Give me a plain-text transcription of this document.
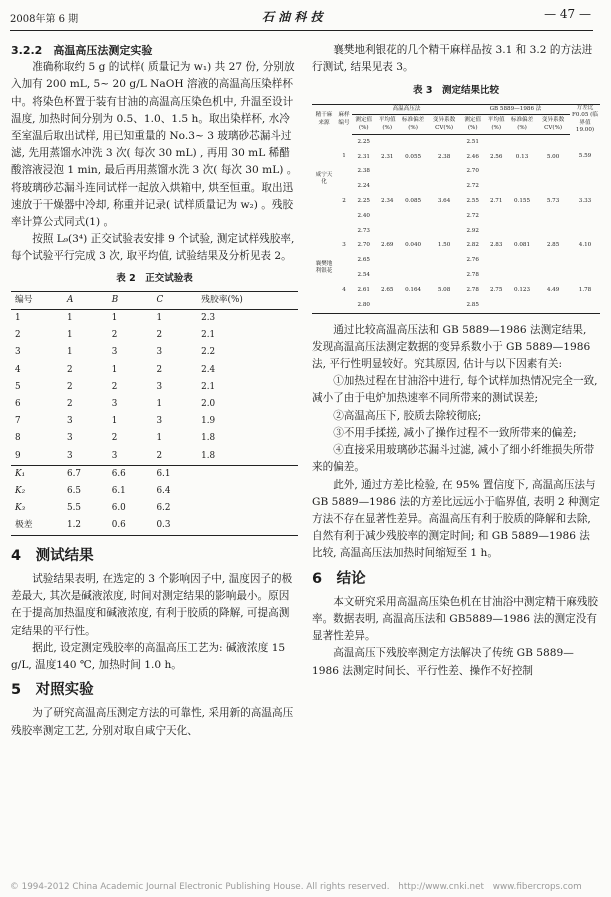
2008年第 6 期	石 油 科 技	— 47 —

3.2.2　高温高压法测定实验

准确称取约 5 g 的试样( 质量记为 w₁) 共 27 份, 分别放入加有 200 mL, 5~ 20 g/L NaOH 溶液的高温高压染样杯中。将染色杯置于装有甘油的高温高压染色机中, 升温至设计温度, 加热时间分别为 0.5、1.0、1.5 h。取出染样杯, 水冷至室温后取出试样, 用已知重量的 No.3~ 3 玻璃砂芯漏斗过滤, 先用蒸馏水冲洗 3 次( 每次 30 mL) , 再用 30 mL 稀醋酸溶液浸泡 1 min, 最后再用蒸馏水洗 3 次( 每次 30 mL) 。将玻璃砂芯漏斗连同试样一起放入烘箱中, 烘至恒重。取出迅速放于干燥器中冷却, 称重并记录( 试样质量记为 w₂) 。残胶率计算公式同式(1) 。

按照 L₉(3⁴) 正交试验表安排 9 个试验, 测定试样残胶率, 每个试验平行完成 3 次, 取平均值, 试验结果及分析见表 2。

表 2　正交试验表
编号	A	B	C	残胶率(%)
1	1	1	1	2.3
2	1	2	2	2.1
3	1	3	3	2.2
4	2	1	2	2.4
5	2	2	3	2.1
6	2	3	1	2.0
7	3	1	3	1.9
8	3	2	1	1.8
9	3	3	2	1.8
K₁	6.7	6.6	6.1	
K₂	6.5	6.1	6.4	
K₃	5.5	6.0	6.2	
极差	1.2	0.6	0.3	
4　测试结果

试验结果表明, 在选定的 3 个影响因子中, 温度因子的极差最大, 其次是碱液浓度, 时间对测定结果的影响最小。原因在于提高加热温度和碱液浓度, 有利于胶质的降解, 可提高测定结果的平行性。

据此, 设定测定残胶率的高温高压工艺为: 碱液浓度 15 g/L, 温度140 ℃, 加热时间 1.0 h。

5　对照实验

为了研究高温高压测定方法的可靠性, 采用新的高温高压残胶率测定工艺, 分别对取自咸宁天化、

襄樊地利银花的几个精干麻样品按 3.1 和 3.2 的方法进行测试, 结果见表 3。

表 3　测定结果比较
精干麻来源	麻样编号	高温高压法				GB 5889—1986 法				方差比 F0.05 (临界值 19.00)
		测定值 (%)	平均值 (%)	标准偏差 (%)	变异系数 CV(%)	测定值 (%)	平均值 (%)	标准偏差 (%)	变异系数 CV(%)	
咸宁天化	1	2.25	2.31	0.055	2.38	2.51	2.56	0.13	5.00	5.59
		2.31				2.46				
		2.38				2.70				
	2	2.24	2.34	0.085	3.64	2.72	2.71	0.155	5.73	3.33
		2.25				2.55				
		2.40				2.72				
襄樊地利银花	3	2.73	2.69	0.040	1.50	2.92	2.83	0.081	2.85	4.10
		2.70				2.82				
		2.65				2.76				
	4	2.54	2.65	0.164	5.08	2.78	2.75	0.123	4.49	1.78
		2.61				2.78				
		2.80				2.85				

通过比较高温高压法和 GB 5889—1986 法测定结果, 发现高温高压法测定数据的变异系数小于 GB 5889—1986法, 平行性明显较好。究其原因, 估计与以下因素有关:

①加热过程在甘油浴中进行, 每个试样加热情况完全一致, 减小了由于电炉加热速率不同所带来的测试误差;

②高温高压下, 胶质去除较彻底;

③不用手揉搓, 减小了操作过程不一致所带来的偏差;

④直接采用玻璃砂芯漏斗过滤, 减小了细小纤维损失所带来的偏差。

此外, 通过方差比检验, 在 95% 置信度下, 高温高压法与 GB 5889—1986 法的方差比远远小于临界值, 表明 2 种测定方法不存在显著性差异。高温高压有利于胶质的降解和去除, 自然有利于减少残胶率的测定时间; 和 GB 5889—1986 法比较, 高温高压法加热时间缩短至 1 h。

6　结论

本文研究采用高温高压染色机在甘油浴中测定精干麻残胶率。数据表明, 高温高压法和 GB5889—1986 法的测定没有显著性差异。

高温高压下残胶率测定方法解决了传统 GB 5889—1986 法测定时间长、平行性差、操作不好控制

© 1994-2012 China Academic Journal Electronic Publishing House. All rights reserved.　http://www.cnki.net　www.fibercrops.com
